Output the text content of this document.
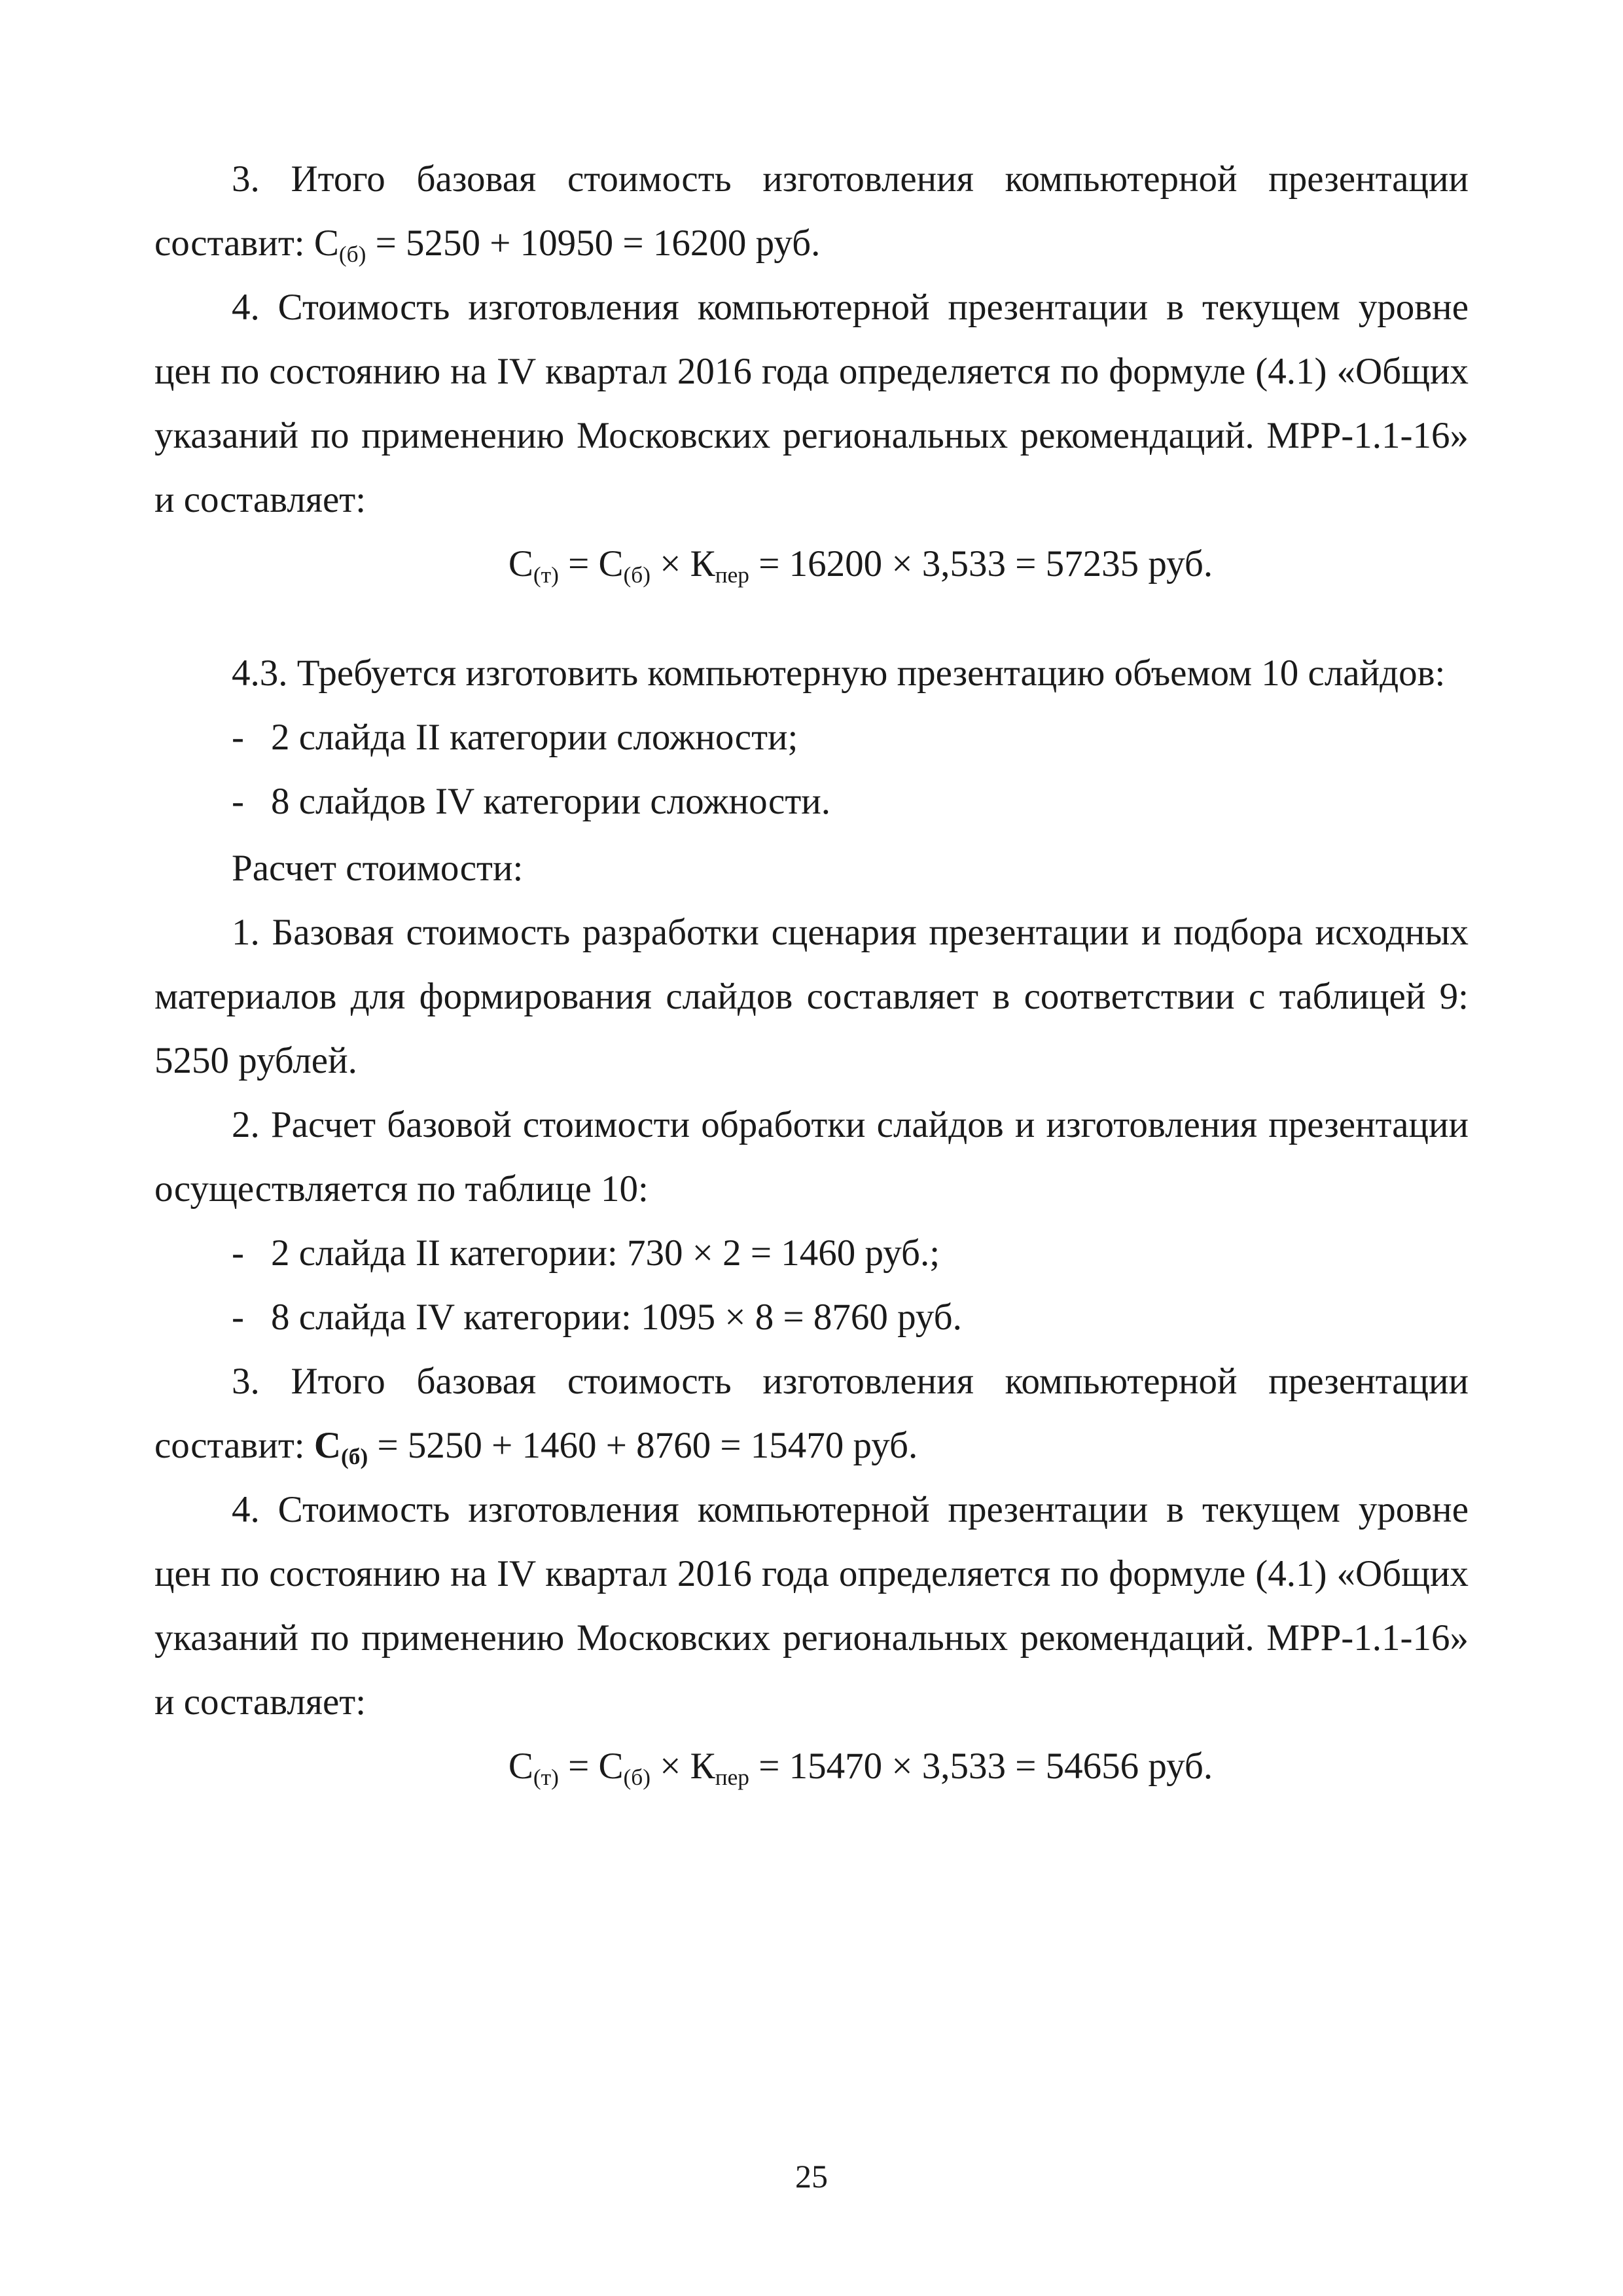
3. Итого базовая стоимость изготовления компьютерной презентации составит: $С_{(б)} = 5250 + 10950 = 16200$ руб.

4. Стоимость изготовления компьютерной презентации в текущем уровне цен по состоянию на IV квартал 2016 года определяется по формуле (4.1) «Общих указаний по применению Московских региональных рекомендаций. МРР-1.1-16» и составляет:

$С_{(т)} = С_{(б)} \times К_{пер} = 16200 \times 3,533 = 57235$ руб.

4.3. Требуется изготовить компьютерную презентацию объемом 10 слайдов:

- 2 слайда II категории сложности;

- 8 слайдов IV категории сложности.

Расчет стоимости:

1. Базовая стоимость разработки сценария презентации и подбора исходных материалов для формирования слайдов составляет в соответствии с таблицей 9: 5250 рублей.

2. Расчет базовой стоимости обработки слайдов и изготовления презентации осуществляется по таблице 10:

- 2 слайда II категории: 730 × 2 = 1460 руб.;

- 8 слайда IV категории: 1095 × 8 = 8760 руб.

3. Итого базовая стоимость изготовления компьютерной презентации составит: $С_{(б)} = 5250 + 1460 + 8760 = 15470$ руб.

4. Стоимость изготовления компьютерной презентации в текущем уровне цен по состоянию на IV квартал 2016 года определяется по формуле (4.1) «Общих указаний по применению Московских региональных рекомендаций. МРР-1.1-16» и составляет:

$С_{(т)} = С_{(б)} \times К_{пер} = 15470 \times 3,533 = 54656$ руб.

25
